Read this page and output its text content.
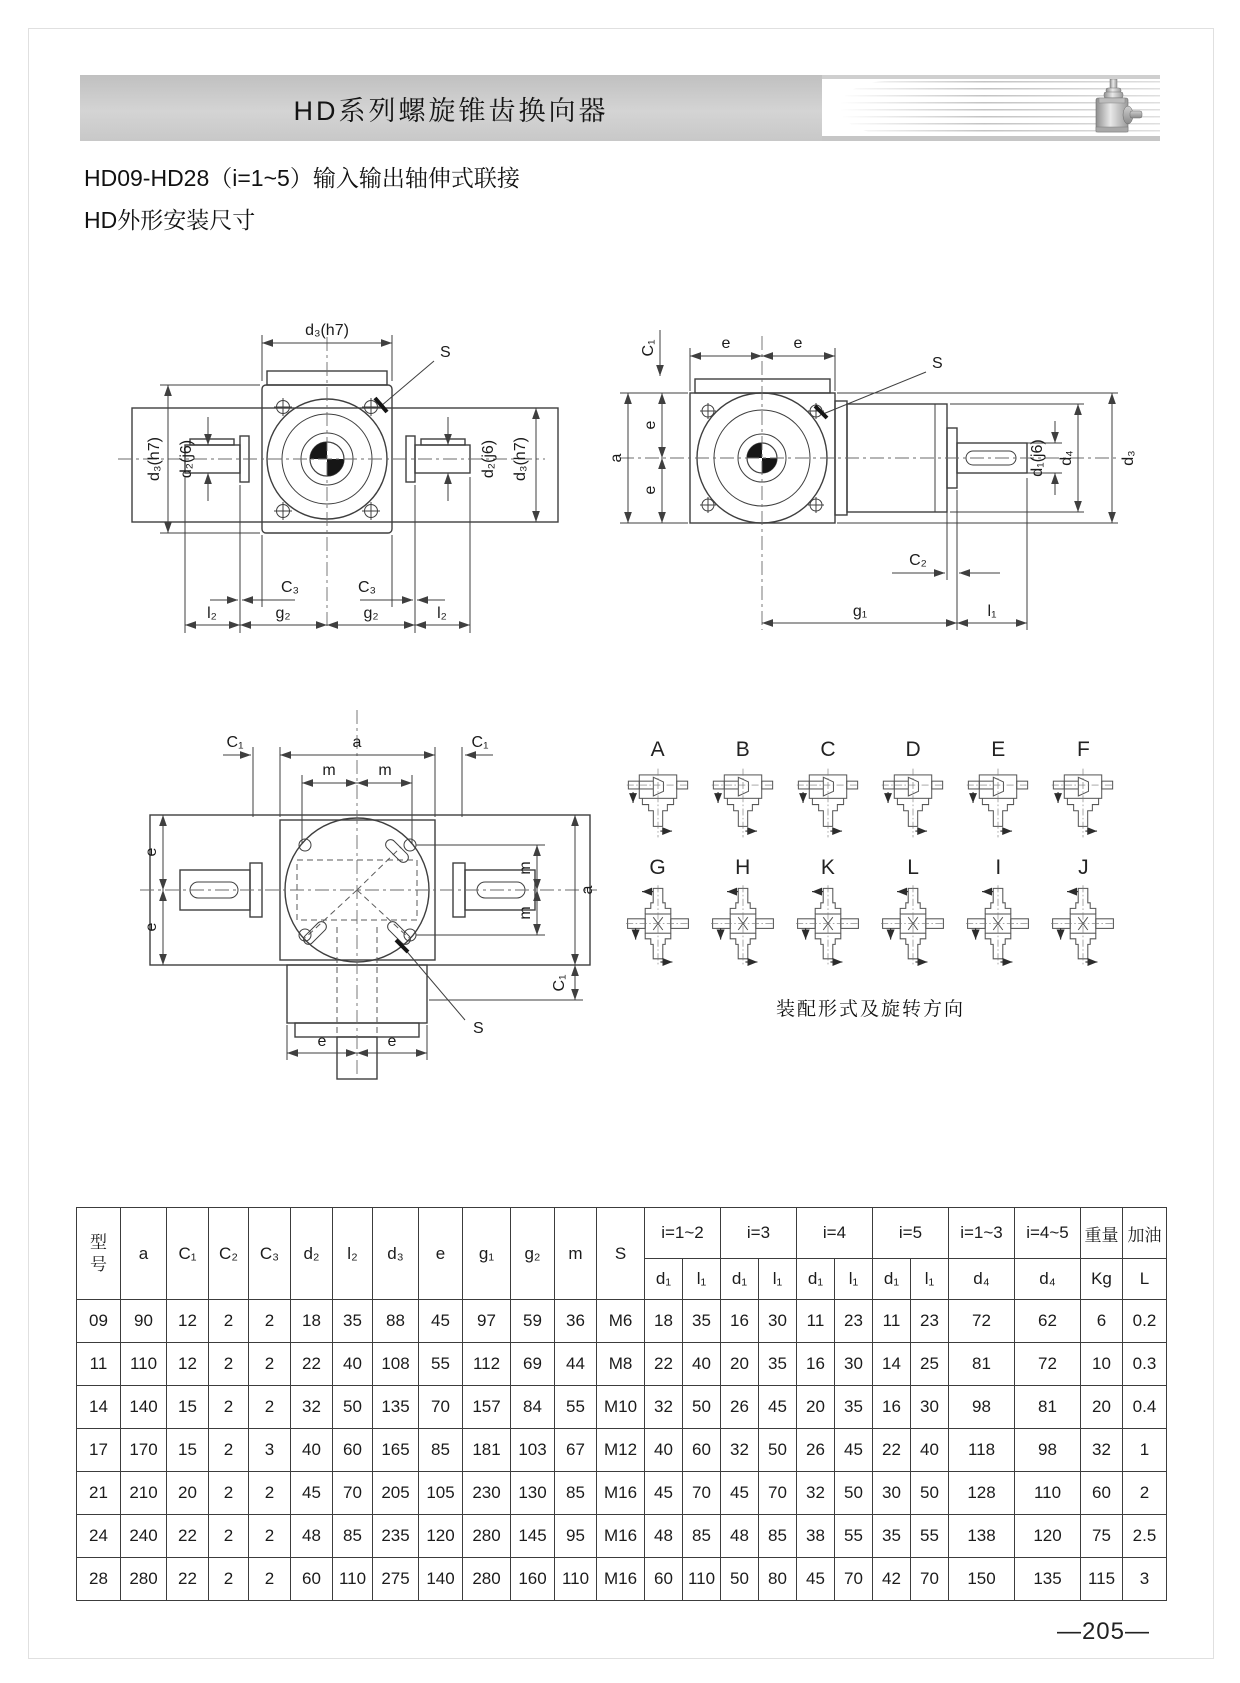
HD系列螺旋锥齿换向器
HD09-HD28（i=1~5）输入输出轴伸式联接
HD外形安装尺寸
d₃(h7)
S
d₃(h7) d₂(j6)	d₂(j6) d₃(h7)
C₃	C₃
l₂	g₂	g₂	l₂
C₁	e	e
S
a
e
e
d₁(j6) d₄	d₃
C₂
g₁	l₁
C₁	a	C₁
m	m
e
e
m
m
a
S
e	e
C₁
A	B	C	D	E	F
G	H	K	L	I	J
装配形式及旋转方向
型号	a	C₁	C₂	C₃	d₂	l₂	d₃	e	g₁	g₂	m	S	i=1~2		i=3		i=4		i=5		i=1~3	i=4~5	重量	加油
													d₁	l₁	d₁	l₁	d₁	l₁	d₁	l₁	d₄	d₄	Kg	L
09	90	12	2	2	18	35	88	45	97	59	36	M6	18	35	16	30	11	23	11	23	72	62	6	0.2
11	110	12	2	2	22	40	108	55	112	69	44	M8	22	40	20	35	16	30	14	25	81	72	10	0.3
14	140	15	2	2	32	50	135	70	157	84	55	M10	32	50	26	45	20	35	16	30	98	81	20	0.4
17	170	15	2	3	40	60	165	85	181	103	67	M12	40	60	32	50	26	45	22	40	118	98	32	1
21	210	20	2	2	45	70	205	105	230	130	85	M16	45	70	45	70	32	50	30	50	128	110	60	2
24	240	22	2	2	48	85	235	120	280	145	95	M16	48	85	48	85	38	55	35	55	138	120	75	2.5
28	280	22	2	2	60	110	275	140	280	160	110	M16	60	110	50	80	45	70	42	70	150	135	115	3
—205—
